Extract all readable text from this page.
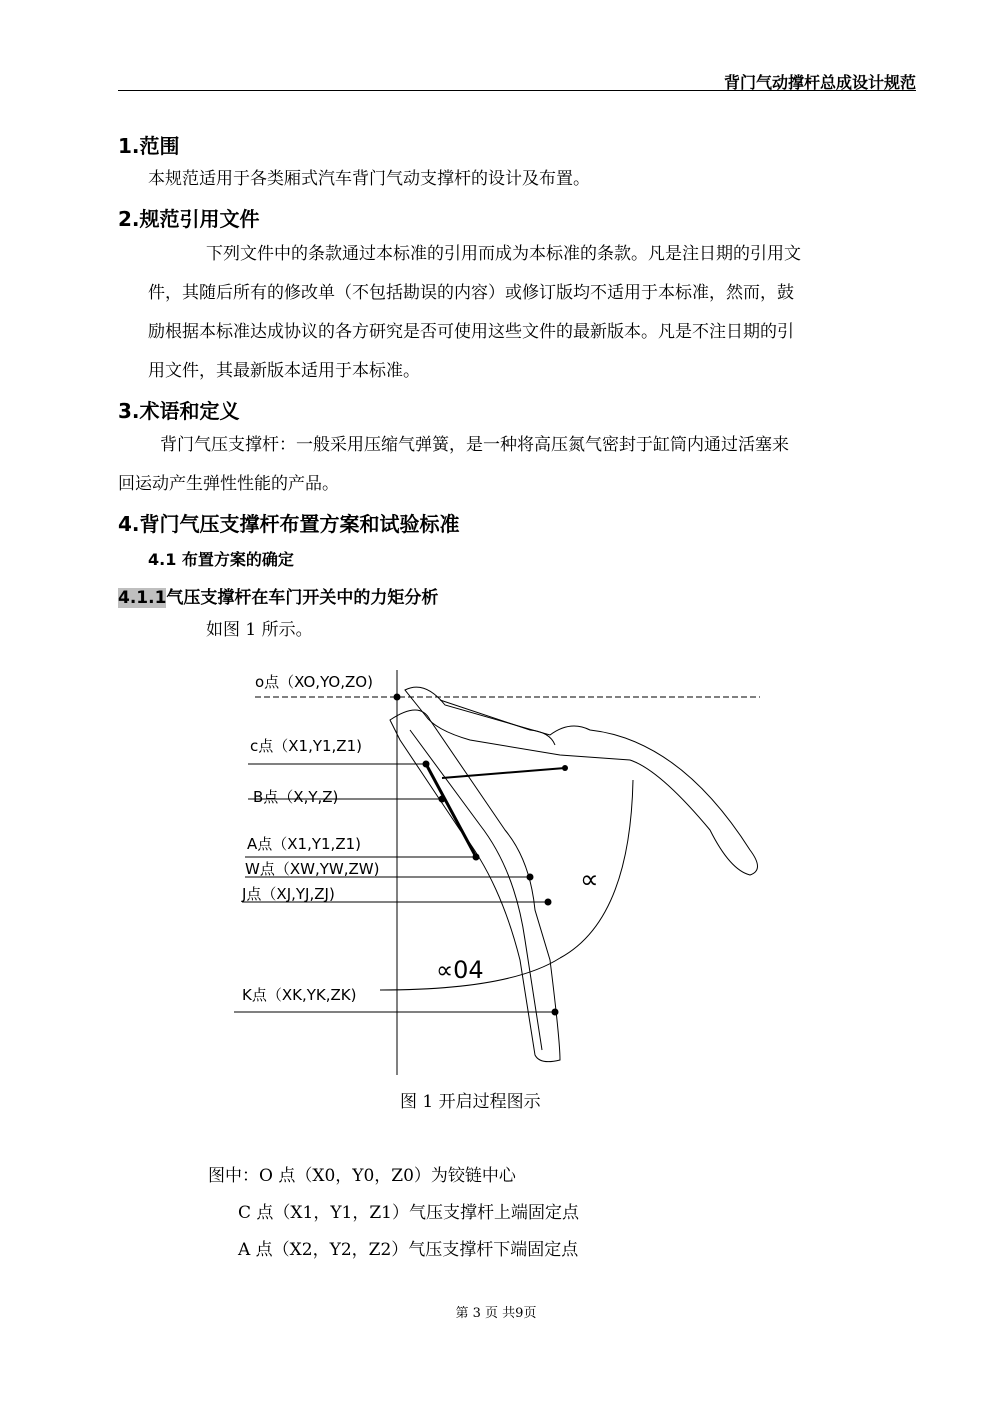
背门气动撑杆总成设计规范
1.范围
本规范适用于各类厢式汽车背门气动支撑杆的设计及布置。
2.规范引用文件
下列文件中的条款通过本标准的引用而成为本标准的条款。凡是注日期的引用文
件，其随后所有的修改单（不包括勘误的内容）或修订版均不适用于本标准，然而，鼓
励根据本标准达成协议的各方研究是否可使用这些文件的最新版本。凡是不注日期的引
用文件，其最新版本适用于本标准。
3.术语和定义
背门气压支撑杆：一般采用压缩气弹簧，是一种将高压氮气密封于缸筒内通过活塞来
回运动产生弹性性能的产品。
4.背门气压支撑杆布置方案和试验标准
4.1 布置方案的确定
4.1.1气压支撑杆在车门开关中的力矩分析
如图 1 所示。
o点（XO,YO,ZO)
c点（X1,Y1,Z1)
B点（X,Y,Z)
A点（X1,Y1,Z1)
W点（XW,YW,ZW)
J点（XJ,YJ,ZJ)
K点（XK,YK,ZK)
∝
∝04
图 1 开启过程图示
图中：O 点（X0，Y0，Z0）为铰链中心
C 点（X1，Y1，Z1）气压支撑杆上端固定点
A 点（X2，Y2，Z2）气压支撑杆下端固定点
第 3 页 共9页
